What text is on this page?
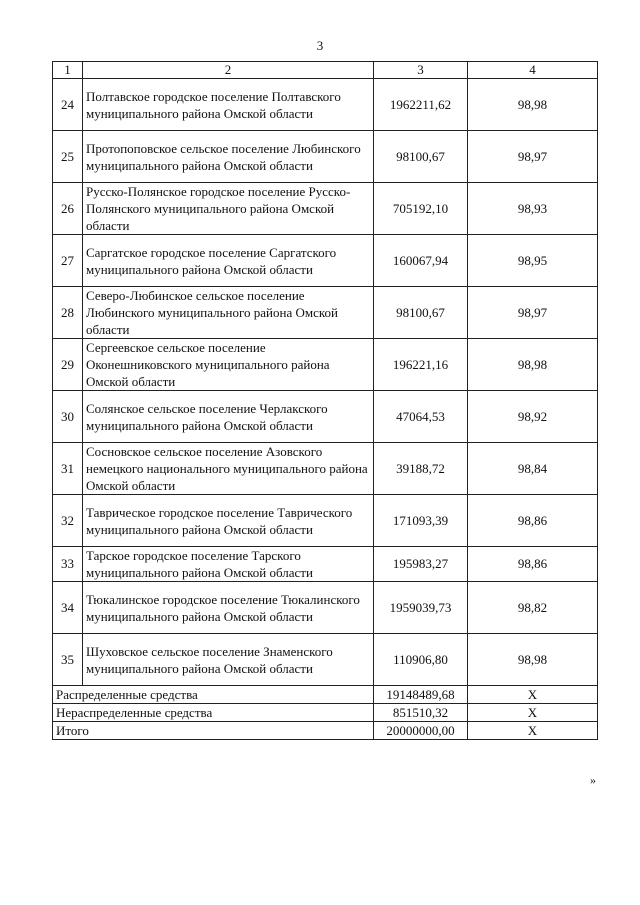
3
1	2	3	4
24	Полтавское городское поселение Полтавского муниципального района Омской области	1962211,62	98,98
25	Протопоповское сельское поселение Любинского муниципального района Омской области	98100,67	98,97
26	Русско-Полянское городское поселение Русско-Полянского муниципального района Омской области	705192,10	98,93
27	Саргатское городское поселение Саргатского муниципального района Омской области	160067,94	98,95
28	Северо-Любинское сельское поселение Любинского муниципального района Омской области	98100,67	98,97
29	Сергеевское сельское поселение Оконешниковского муниципального района Омской области	196221,16	98,98
30	Солянское сельское поселение Черлакского муниципального района Омской области	47064,53	98,92
31	Сосновское сельское поселение Азовского немецкого национального муниципального района Омской области	39188,72	98,84
32	Таврическое городское поселение Таврического муниципального района Омской области	171093,39	98,86
33	Тарское городское поселение Тарского муниципального района Омской области	195983,27	98,86
34	Тюкалинское городское поселение Тюкалинского муниципального района Омской области	1959039,73	98,82
35	Шуховское сельское поселение Знаменского муниципального района Омской области	110906,80	98,98
Распределенные средства		19148489,68	X
Нераспределенные средства		851510,32	X
Итого		20000000,00	X
»
